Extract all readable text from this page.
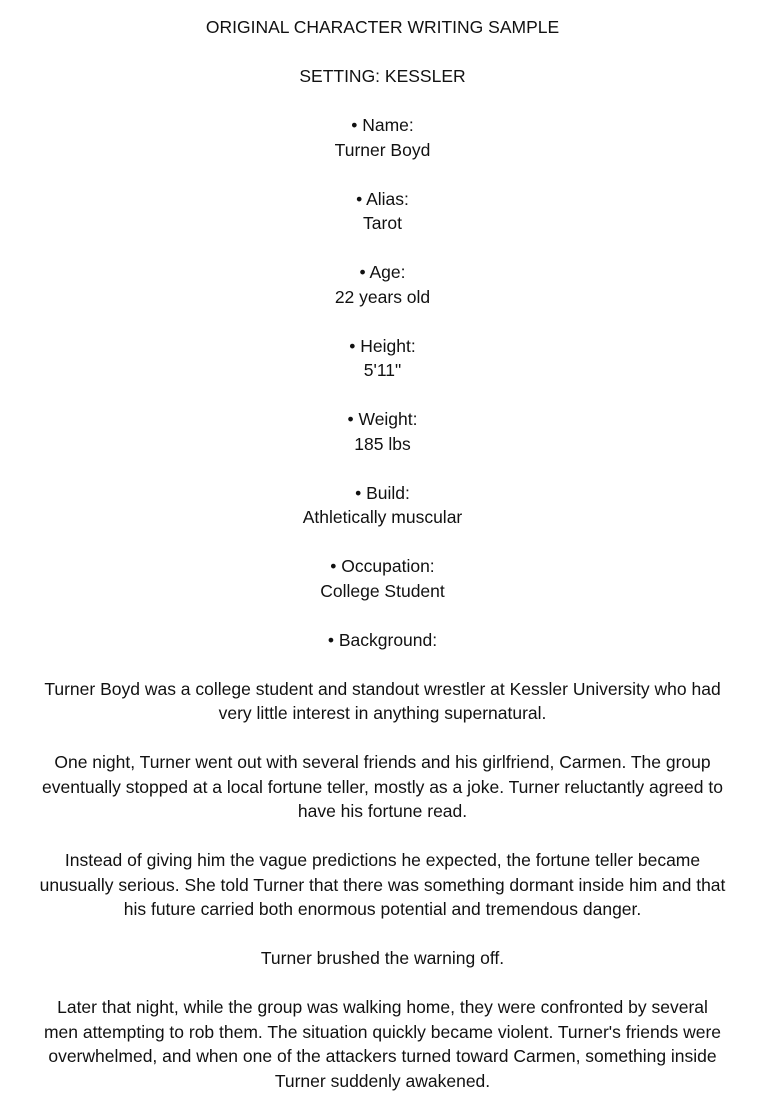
ORIGINAL CHARACTER WRITING SAMPLE
SETTING: KESSLER
• Name:
Turner Boyd
• Alias:
Tarot
• Age:
22 years old
• Height:
5'11"
• Weight:
185 lbs
• Build:
Athletically muscular
• Occupation:
College Student
• Background:
Turner Boyd was a college student and standout wrestler at Kessler University who had
very little interest in anything supernatural.
One night, Turner went out with several friends and his girlfriend, Carmen. The group
eventually stopped at a local fortune teller, mostly as a joke. Turner reluctantly agreed to
have his fortune read.
Instead of giving him the vague predictions he expected, the fortune teller became
unusually serious. She told Turner that there was something dormant inside him and that
his future carried both enormous potential and tremendous danger.
Turner brushed the warning off.
Later that night, while the group was walking home, they were confronted by several
men attempting to rob them. The situation quickly became violent. Turner's friends were
overwhelmed, and when one of the attackers turned toward Carmen, something inside
Turner suddenly awakened.
